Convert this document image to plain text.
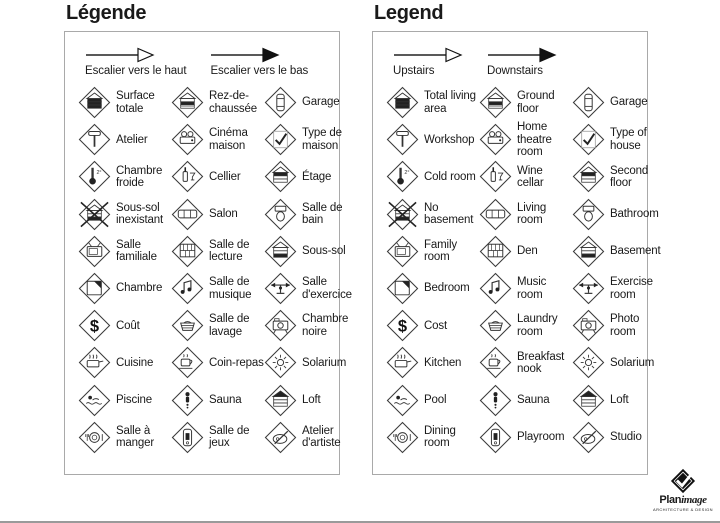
Légende
Escalier vers le haut Escalier vers le bas
Surface totale
Rez-de-chaussée
Garage
Atelier
Cinéma maison
Type de maison
2° Chambre froide
Cellier	Étage
Sous-sol inexistant
Salon
Salle de bain
Salle familiale
Salle de lecture
Sous-sol
Chambre
Salle de musique
Salle d'exercice
$ Coût
Salle de lavage
Chambre noire
Cuisine	Coin-repas	Solarium
Piscine	Sauna	Loft
Salle à manger
Salle de jeux
Atelier d'artiste
Legend
Upstairs	Downstairs
Total living area
Ground floor
Garage
Workshop
Home theatre room
Type of house
2° Cold room
Wine cellar
Second floor
No basement
Living room
Bathroom
Family room
Den	Basement
Bedroom
Music room
Exercise room
$ Cost
Laundry room
Photo room
Kitchen
Breakfast nook
Solarium
Pool	Sauna	Loft
Dining room
Playroom	Studio
Planimage
ARCHITECTURE & DESIGN
